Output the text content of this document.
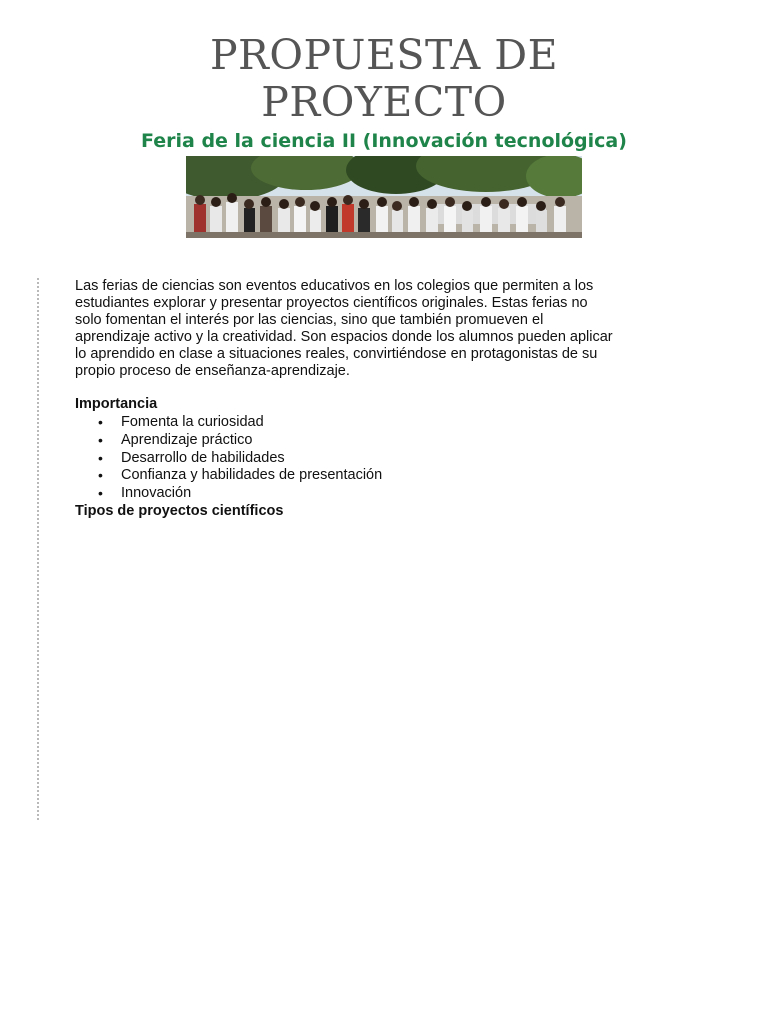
PROPUESTA DE
PROYECTO
Feria de la ciencia II (Innovación tecnológica)

Las ferias de ciencias son eventos educativos en los colegios que permiten a los estudiantes explorar y presentar proyectos científicos originales. Estas ferias no solo fomentan el interés por las ciencias, sino que también promueven el aprendizaje activo y la creatividad. Son espacios donde los alumnos pueden aplicar lo aprendido en clase a situaciones reales, convirtiéndose en protagonistas de su propio proceso de enseñanza-aprendizaje.

Importancia

• Fomenta la curiosidad
• Aprendizaje práctico
• Desarrollo de habilidades
• Confianza y habilidades de presentación
• Innovación

Tipos de proyectos científicos
